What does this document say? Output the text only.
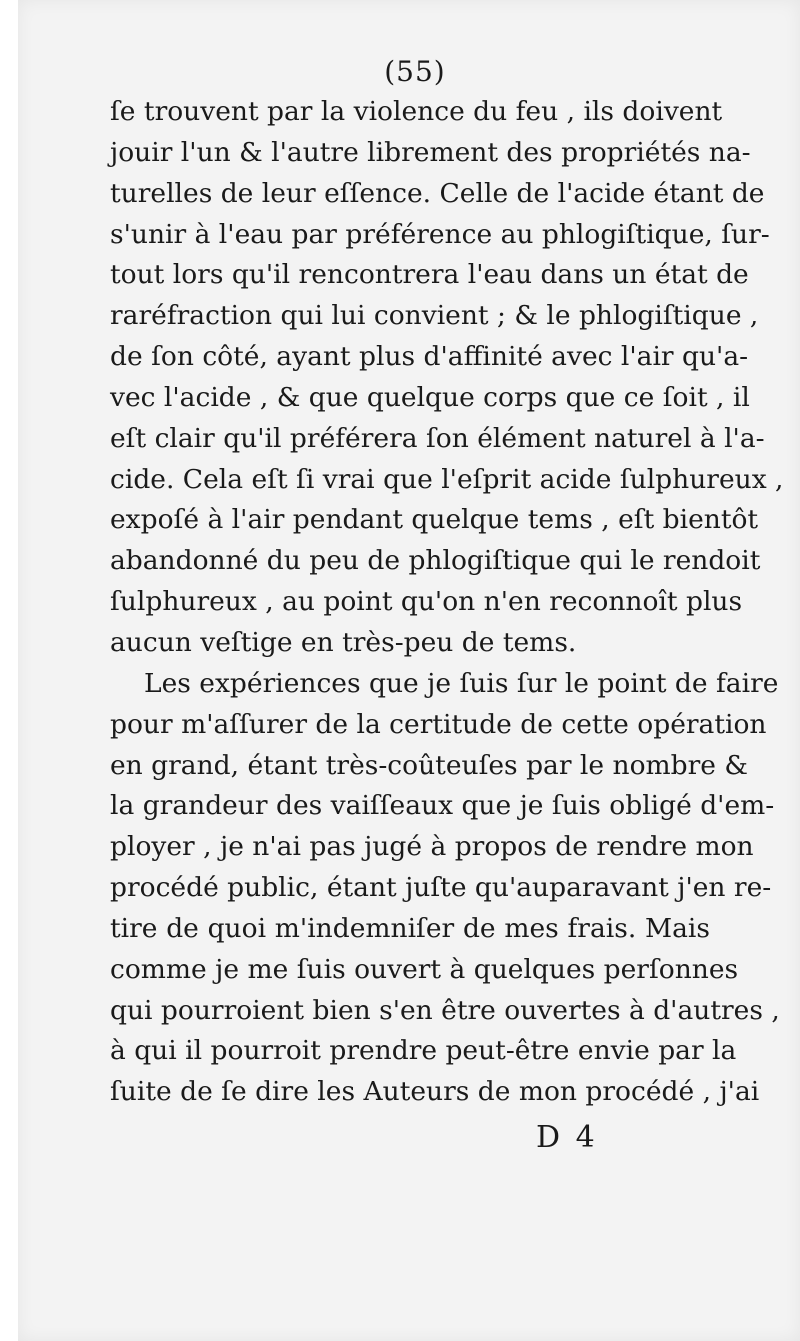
(55)
ſe trouvent par la violence du feu , ils doivent
jouir l'un & l'autre librement des propriétés na-
turelles de leur eſſence. Celle de l'acide étant de
s'unir à l'eau par préférence au phlogiſtique, ſur-
tout lors qu'il rencontrera l'eau dans un état de
raréfraction qui lui convient ; & le phlogiſtique ,
de ſon côté, ayant plus d'affinité avec l'air qu'a-
vec l'acide , & que quelque corps que ce ſoit , il
eſt clair qu'il préférera ſon élément naturel à l'a-
cide. Cela eſt ſi vrai que l'eſprit acide ſulphureux ,
expoſé à l'air pendant quelque tems , eſt bientôt
abandonné du peu de phlogiſtique qui le rendoit
ſulphureux , au point qu'on n'en reconnoît plus
aucun veſtige en très-peu de tems.
Les expériences que je ſuis ſur le point de faire
pour m'aſſurer de la certitude de cette opération
en grand, étant très-coûteuſes par le nombre &
la grandeur des vaiſſeaux que je ſuis obligé d'em-
ployer , je n'ai pas jugé à propos de rendre mon
procédé public, étant juſte qu'auparavant j'en re-
tire de quoi m'indemniſer de mes frais. Mais
comme je me ſuis ouvert à quelques perſonnes
qui pourroient bien s'en être ouvertes à d'autres ,
à qui il pourroit prendre peut-être envie par la
ſuite de ſe dire les Auteurs de mon procédé , j'ai
D 4
